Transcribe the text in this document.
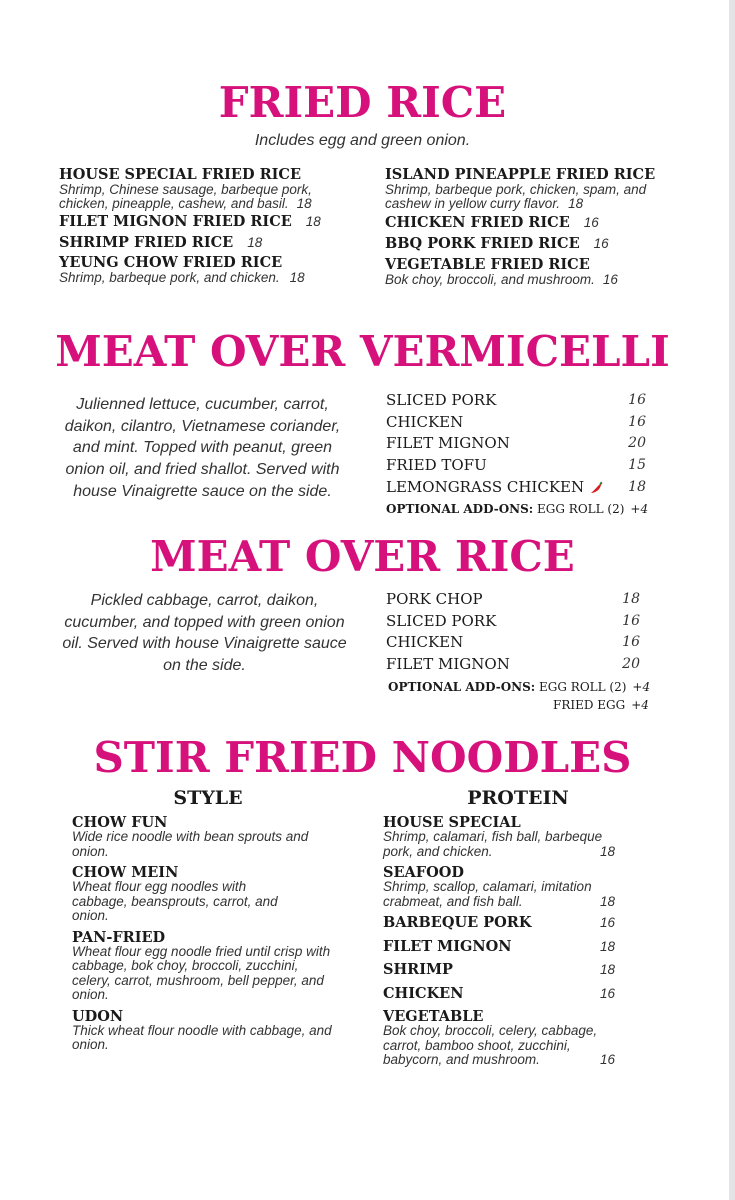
FRIED RICE
Includes egg and green onion.
HOUSE SPECIAL FRIED RICE
Shrimp, Chinese sausage, barbeque pork, chicken, pineapple, cashew, and basil. 18
FILET MIGNON FRIED RICE 18
SHRIMP FRIED RICE 18
YEUNG CHOW FRIED RICE
Shrimp, barbeque pork, and chicken. 18
ISLAND PINEAPPLE FRIED RICE
Shrimp, barbeque pork, chicken, spam, and cashew in yellow curry flavor. 18
CHICKEN FRIED RICE 16
BBQ PORK FRIED RICE 16
VEGETABLE FRIED RICE
Bok choy, broccoli, and mushroom. 16
MEAT OVER VERMICELLI
Julienned lettuce, cucumber, carrot, daikon, cilantro, Vietnamese coriander, and mint. Topped with peanut, green onion oil, and fried shallot. Served with house Vinaigrette sauce on the side.
SLICED PORK	16
CHICKEN	16
FILET MIGNON	20
FRIED TOFU	15
LEMONGRASS CHICKEN	18
OPTIONAL ADD-ONS: EGG ROLL (2) +4
MEAT OVER RICE
Pickled cabbage, carrot, daikon, cucumber, and topped with green onion oil. Served with house Vinaigrette sauce on the side.
PORK CHOP	18
SLICED PORK	16
CHICKEN	16
FILET MIGNON	20
OPTIONAL ADD-ONS: EGG ROLL (2) +4
FRIED EGG +4
STIR FRIED NOODLES
STYLE	PROTEIN
CHOW FUN
Wide rice noodle with bean sprouts and onion.
CHOW MEIN
Wheat flour egg noodles with cabbage, beansprouts, carrot, and onion.
PAN-FRIED
Wheat flour egg noodle fried until crisp with cabbage, bok choy, broccoli, zucchini, celery, carrot, mushroom, bell pepper, and onion.
UDON
Thick wheat flour noodle with cabbage, and onion.
HOUSE SPECIAL
Shrimp, calamari, fish ball, barbeque pork, and chicken.	18
SEAFOOD
Shrimp, scallop, calamari, imitation crabmeat, and fish ball.	18
BARBEQUE PORK	16
FILET MIGNON	18
SHRIMP	18
CHICKEN	16
VEGETABLE
Bok choy, broccoli, celery, cabbage, carrot, bamboo shoot, zucchini, babycorn, and mushroom.	16
